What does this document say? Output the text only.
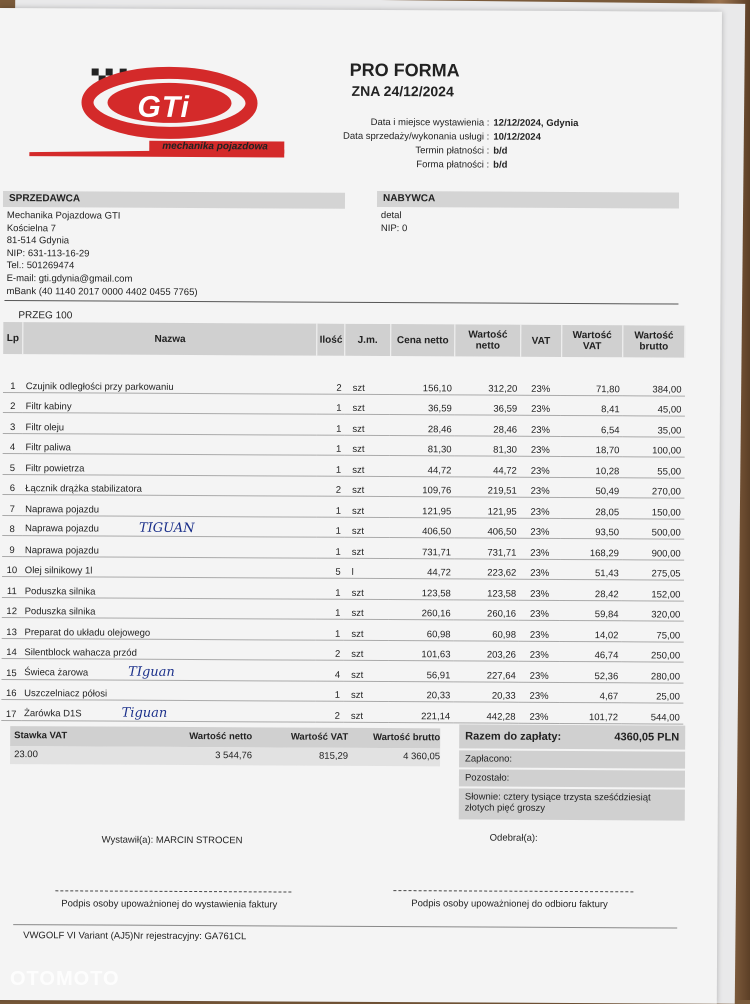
GTi
mechanika pojazdowa
PRO FORMA
ZNA 24/12/2024
Data i miejsce wystawienia : 12/12/2024, Gdynia
Data sprzedaży/wykonania usługi : 10/12/2024
Termin płatności : b/d
Forma płatności : b/d
SPRZEDAWCA
Mechanika Pojazdowa GTI
Kościelna 7
81-514 Gdynia
NIP: 631-113-16-29
Tel.: 501269474
E-mail: gti.gdynia@gmail.com
mBank (40 1140 2017 0000 4402 0455 7765)
NABYWCA
detal
NIP: 0
PRZEG 100
Lp	Nazwa	Ilość	J.m.	Cena netto	Wartość netto	VAT	Wartość VAT	Wartość brutto

1	Czujnik odległości przy parkowaniu	2	szt	156,10	312,20	23%	71,80	384,00
2	Filtr kabiny	1	szt	36,59	36,59	23%	8,41	45,00
3	Filtr oleju	1	szt	28,46	28,46	23%	6,54	35,00
4	Filtr paliwa	1	szt	81,30	81,30	23%	18,70	100,00
5	Filtr powietrza	1	szt	44,72	44,72	23%	10,28	55,00
6	Łącznik drążka stabilizatora	2	szt	109,76	219,51	23%	50,49	270,00
7	Naprawa pojazdu	1	szt	121,95	121,95	23%	28,05	150,00
8	Naprawa pojazdu TIGUAN	1	szt	406,50	406,50	23%	93,50	500,00
9	Naprawa pojazdu	1	szt	731,71	731,71	23%	168,29	900,00
10	Olej silnikowy 1l	5	l	44,72	223,62	23%	51,43	275,05
11	Poduszka silnika	1	szt	123,58	123,58	23%	28,42	152,00
12	Poduszka silnika	1	szt	260,16	260,16	23%	59,84	320,00
13	Preparat do układu olejowego	1	szt	60,98	60,98	23%	14,02	75,00
14	Silentblock wahacza przód	2	szt	101,63	203,26	23%	46,74	250,00
15	Świeca żarowa TIguan	4	szt	56,91	227,64	23%	52,36	280,00
16	Uszczelniacz półosi	1	szt	20,33	20,33	23%	4,67	25,00
17	Żarówka D1S Tiguan	2	szt	221,14	442,28	23%	101,72	544,00
Stawka VAT	Wartość netto	Wartość VAT	Wartość brutto
23.00	3 544,76	815,29	4 360,05
Razem do zapłaty:	4360,05 PLN
Zapłacono:
Pozostało:
Słownie: cztery tysiące trzysta sześćdziesiąt złotych pięć groszy
Wystawił(a): MARCIN STROCEN	Odebrał(a):
Podpis osoby upoważnionej do wystawienia faktury	Podpis osoby upoważnionej do odbioru faktury
VWGOLF VI Variant (AJ5)Nr rejestracyjny: GA761CL
OTOMOTO
